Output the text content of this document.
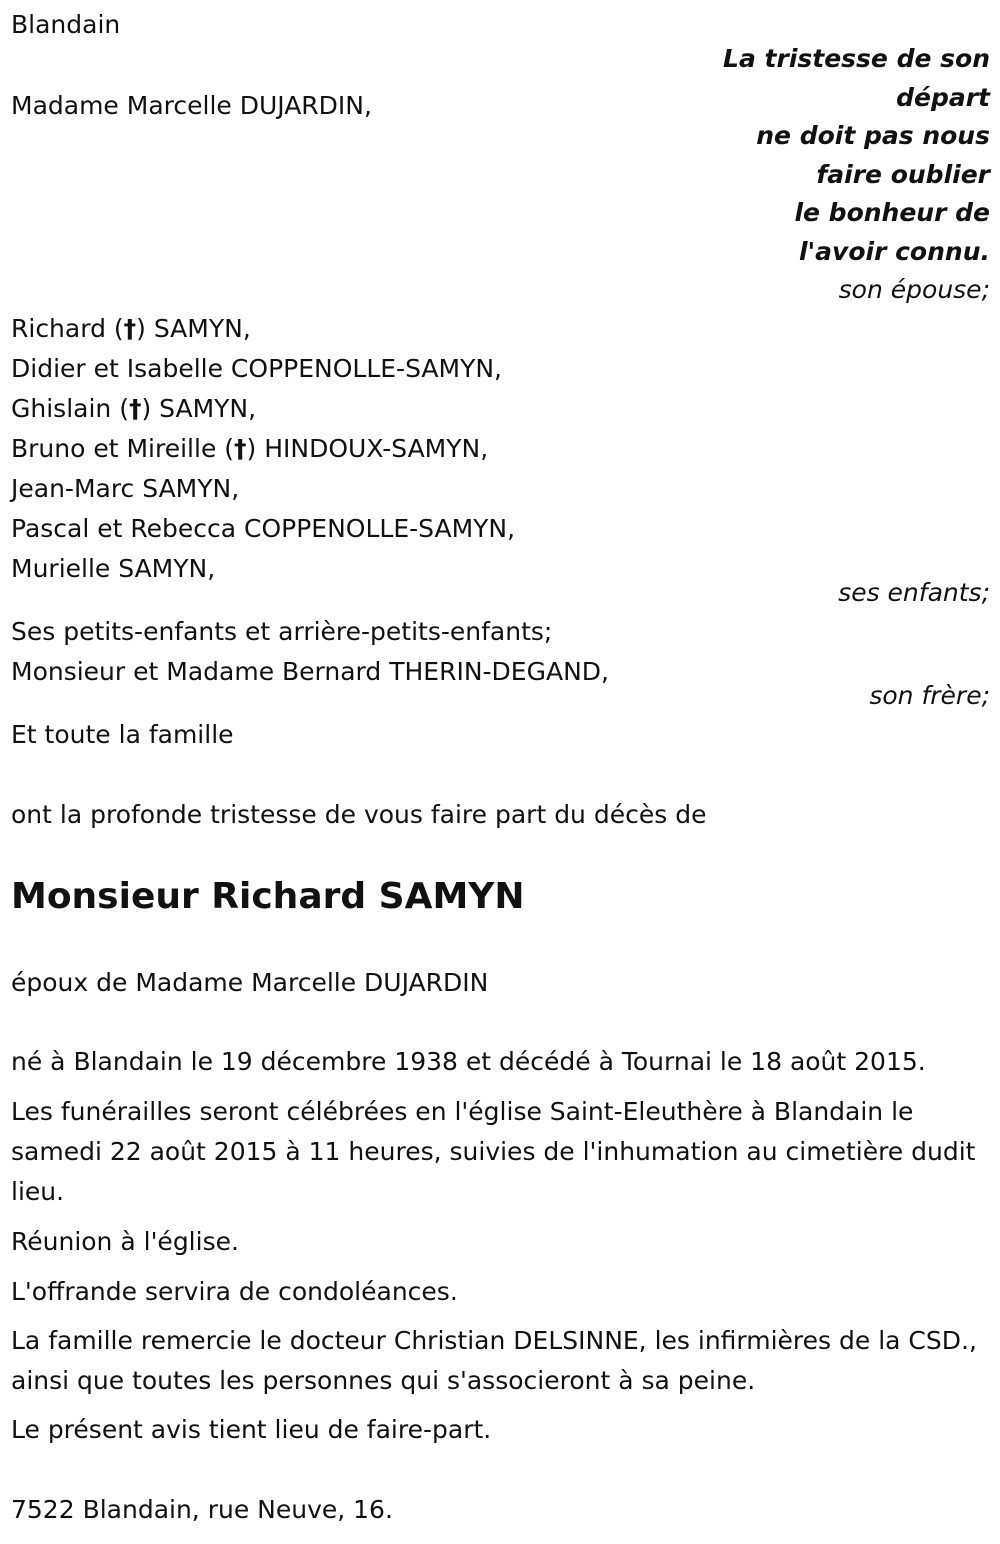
Blandain
La tristesse de son
départ
ne doit pas nous
faire oublier
le bonheur de
l'avoir connu.
Madame Marcelle DUJARDIN,
son épouse;
Richard (†) SAMYN,
Didier et Isabelle COPPENOLLE-SAMYN,
Ghislain (†) SAMYN,
Bruno et Mireille (†) HINDOUX-SAMYN,
Jean-Marc SAMYN,
Pascal et Rebecca COPPENOLLE-SAMYN,
Murielle SAMYN,
ses enfants;
Ses petits-enfants et arrière-petits-enfants;
Monsieur et Madame Bernard THERIN-DEGAND,
son frère;
Et toute la famille
ont la profonde tristesse de vous faire part du décès de
Monsieur Richard SAMYN
époux de Madame Marcelle DUJARDIN
né à Blandain le 19 décembre 1938 et décédé à Tournai le 18 août 2015.
Les funérailles seront célébrées en l'église Saint-Eleuthère à Blandain le samedi 22 août 2015 à 11 heures, suivies de l'inhumation au cimetière dudit lieu.
Réunion à l'église.
L'offrande servira de condoléances.
La famille remercie le docteur Christian DELSINNE, les infirmières de la CSD., ainsi que toutes les personnes qui s'associeront à sa peine.
Le présent avis tient lieu de faire-part.
7522 Blandain, rue Neuve, 16.
